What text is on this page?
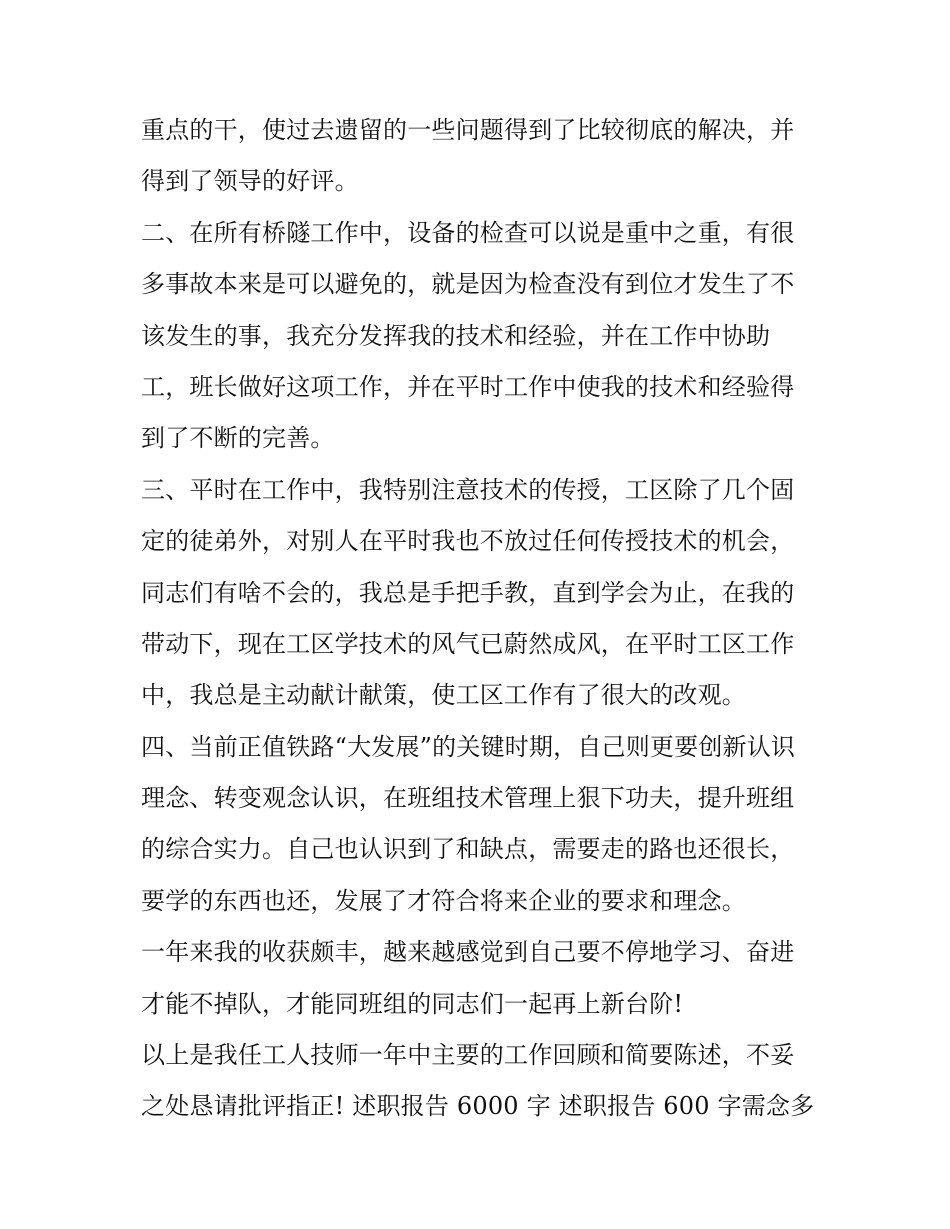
重点的干，使过去遗留的一些问题得到了比较彻底的解决，并
得到了领导的好评。
二、在所有桥隧工作中，设备的检查可以说是重中之重，有很
多事故本来是可以避免的，就是因为检查没有到位才发生了不
该发生的事，我充分发挥我的技术和经验，并在工作中协助
工，班长做好这项工作，并在平时工作中使我的技术和经验得
到了不断的完善。
三、平时在工作中，我特别注意技术的传授，工区除了几个固
定的徒弟外，对别人在平时我也不放过任何传授技术的机会，
同志们有啥不会的，我总是手把手教，直到学会为止，在我的
带动下，现在工区学技术的风气已蔚然成风，在平时工区工作
中，我总是主动献计献策，使工区工作有了很大的改观。
四、当前正值铁路“大发展”的关键时期，自己则更要创新认识
理念、转变观念认识，在班组技术管理上狠下功夫，提升班组
的综合实力。自己也认识到了和缺点，需要走的路也还很长，
要学的东西也还，发展了才符合将来企业的要求和理念。
一年来我的收获颇丰，越来越感觉到自己要不停地学习、奋进
才能不掉队，才能同班组的同志们一起再上新台阶!
以上是我任工人技师一年中主要的工作回顾和简要陈述，不妥
之处恳请批评指正! 述职报告 6000 字 述职报告 600 字需念多
